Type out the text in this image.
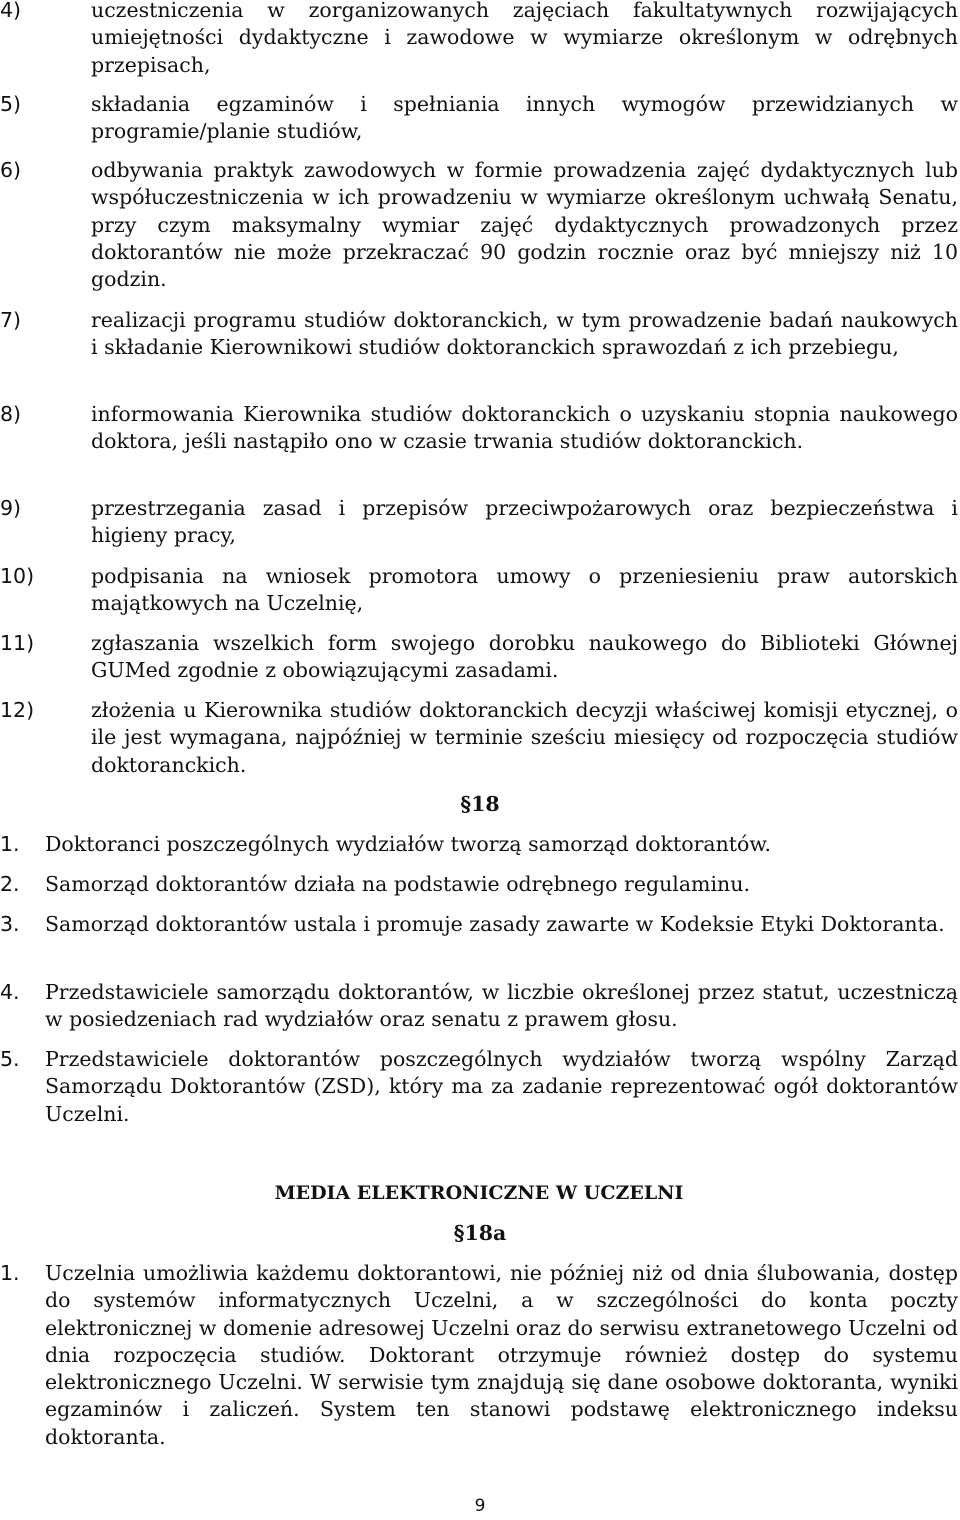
4)	uczestniczenia w zorganizowanych zajęciach fakultatywnych rozwijających umiejętności dydaktyczne i zawodowe w wymiarze określonym w odrębnych przepisach,
5)	składania egzaminów i spełniania innych wymogów przewidzianych w programie/planie studiów,
6)	odbywania praktyk zawodowych w formie prowadzenia zajęć dydaktycznych lub współuczestniczenia w ich prowadzeniu w wymiarze określonym uchwałą Senatu, przy czym maksymalny wymiar zajęć dydaktycznych prowadzonych przez doktorantów nie może przekraczać 90 godzin rocznie oraz być mniejszy niż 10 godzin.
7)	realizacji programu studiów doktoranckich, w tym prowadzenie badań naukowych i składanie Kierownikowi studiów doktoranckich sprawozdań z ich przebiegu,
8)	informowania Kierownika studiów doktoranckich o uzyskaniu stopnia naukowego doktora, jeśli nastąpiło ono w czasie trwania studiów doktoranckich.
9)	przestrzegania zasad i przepisów przeciwpożarowych oraz bezpieczeństwa i higieny pracy,
10)	podpisania na wniosek promotora umowy o przeniesieniu praw autorskich majątkowych na Uczelnię,
11)	zgłaszania wszelkich form swojego dorobku naukowego do Biblioteki Głównej GUMed zgodnie z obowiązującymi zasadami.
12)	złożenia u Kierownika studiów doktoranckich decyzji właściwej komisji etycznej, o ile jest wymagana, najpóźniej w terminie sześciu miesięcy od rozpoczęcia studiów doktoranckich.
§18
1. Doktoranci poszczególnych wydziałów tworzą samorząd doktorantów.
2. Samorząd doktorantów działa na podstawie odrębnego regulaminu.
3. Samorząd doktorantów ustala i promuje zasady zawarte w Kodeksie Etyki Doktoranta.
4. Przedstawiciele samorządu doktorantów, w liczbie określonej przez statut, uczestniczą w posiedzeniach rad wydziałów oraz senatu z prawem głosu.
5. Przedstawiciele doktorantów poszczególnych wydziałów tworzą wspólny Zarząd Samorządu Doktorantów (ZSD), który ma za zadanie reprezentować ogół doktorantów Uczelni.
MEDIA ELEKTRONICZNE W UCZELNI
§18a
1. Uczelnia umożliwia każdemu doktorantowi, nie później niż od dnia ślubowania, dostęp do systemów informatycznych Uczelni, a w szczególności do konta poczty elektronicznej w domenie adresowej Uczelni oraz do serwisu extranetowego Uczelni od dnia rozpoczęcia studiów. Doktorant otrzymuje również dostęp do systemu elektronicznego Uczelni. W serwisie tym znajdują się dane osobowe doktoranta, wyniki egzaminów i zaliczeń. System ten stanowi podstawę elektronicznego indeksu doktoranta.
9
